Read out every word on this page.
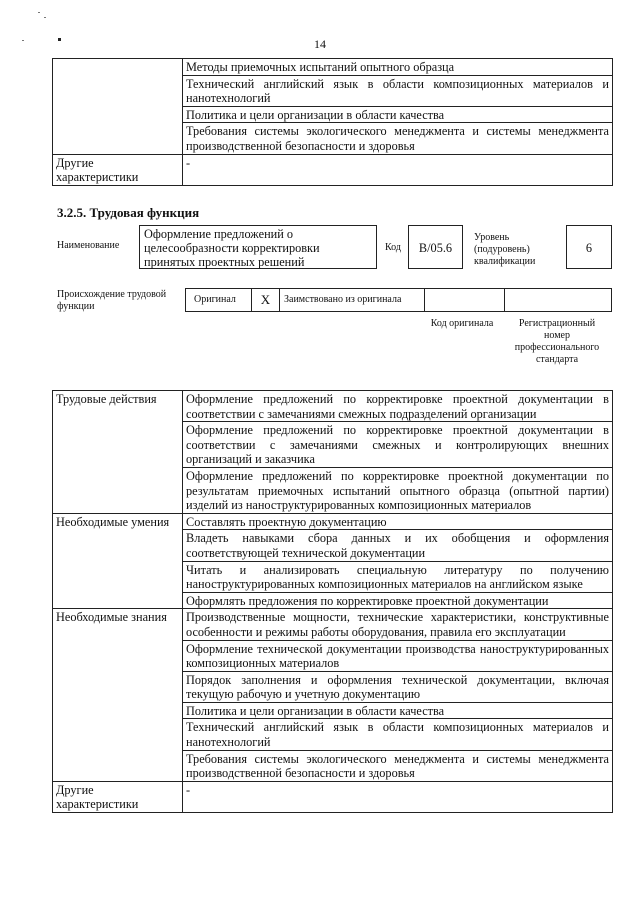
14
	Методы приемочных испытаний опытного образца
	Технический английский язык в области композиционных материалов и нанотехнологий
	Политика и цели организации в области качества
	Требования системы экологического менеджмента и системы менеджмента производственной безопасности и здоровья
Другие характеристики	-
3.2.5. Трудовая функция
Наименование
Оформление предложений о целесообразности корректировки принятых проектных решений
Код	B/05.6
Уровень (подуровень) квалификации
6
Происхождение трудовой функции
Оригинал	X	Заимствовано из оригинала
Код оригинала	Регистрационный номер профессионального стандарта
Трудовые действия	Оформление предложений по корректировке проектной документации в соответствии с замечаниями смежных подразделений организации
	Оформление предложений по корректировке проектной документации в соответствии с замечаниями смежных и контролирующих внешних организаций и заказчика
	Оформление предложений по корректировке проектной документации по результатам приемочных испытаний опытного образца (опытной партии) изделий из наноструктурированных композиционных материалов
Необходимые умения	Составлять проектную документацию
	Владеть навыками сбора данных и их обобщения и оформления соответствующей технической документации
	Читать и анализировать специальную литературу по получению наноструктурированных композиционных материалов на английском языке
	Оформлять предложения по корректировке проектной документации
Необходимые знания	Производственные мощности, технические характеристики, конструктивные особенности и режимы работы оборудования, правила его эксплуатации
	Оформление технической документации производства наноструктурированных композиционных материалов
	Порядок заполнения и оформления технической документации, включая текущую рабочую и учетную документацию
	Политика и цели организации в области качества
	Технический английский язык в области композиционных материалов и нанотехнологий
	Требования системы экологического менеджмента и системы менеджмента производственной безопасности и здоровья
Другие характеристики	-
